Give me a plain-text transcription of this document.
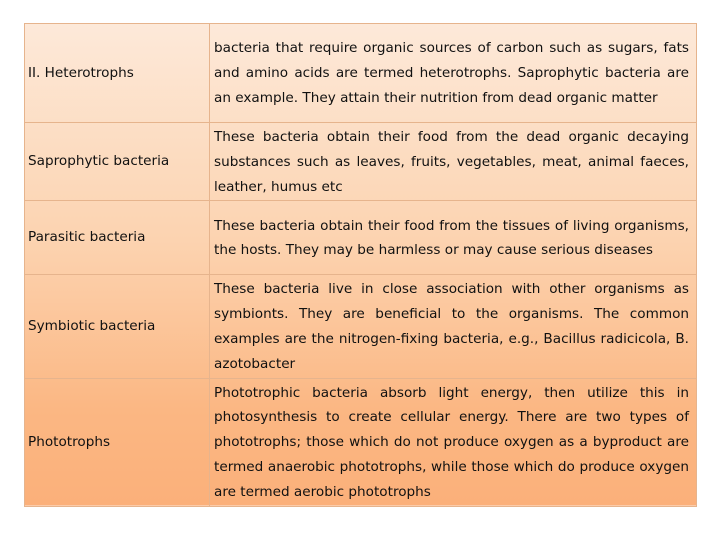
II. Heterotrophs	bacteria that require organic sources of carbon such as sugars, fats and amino acids are termed heterotrophs. Saprophytic bacteria are an example. They attain their nutrition from dead organic matter
Saprophytic bacteria	These bacteria obtain their food from the dead organic decaying substances such as leaves, fruits, vegetables, meat, animal faeces, leather, humus etc
Parasitic bacteria	These bacteria obtain their food from the tissues of living organisms, the hosts. They may be harmless or may cause serious diseases
Symbiotic bacteria	These bacteria live in close association with other organisms as symbionts. They are beneficial to the organisms. The common examples are the nitrogen-fixing bacteria, e.g., Bacillus radicicola, B. azotobacter
Phototrophs	Phototrophic bacteria absorb light energy, then utilize this in photosynthesis to create cellular energy. There are two types of phototrophs; those which do not produce oxygen as a byproduct are termed anaerobic phototrophs, while those which do produce oxygen are termed aerobic phototrophs
